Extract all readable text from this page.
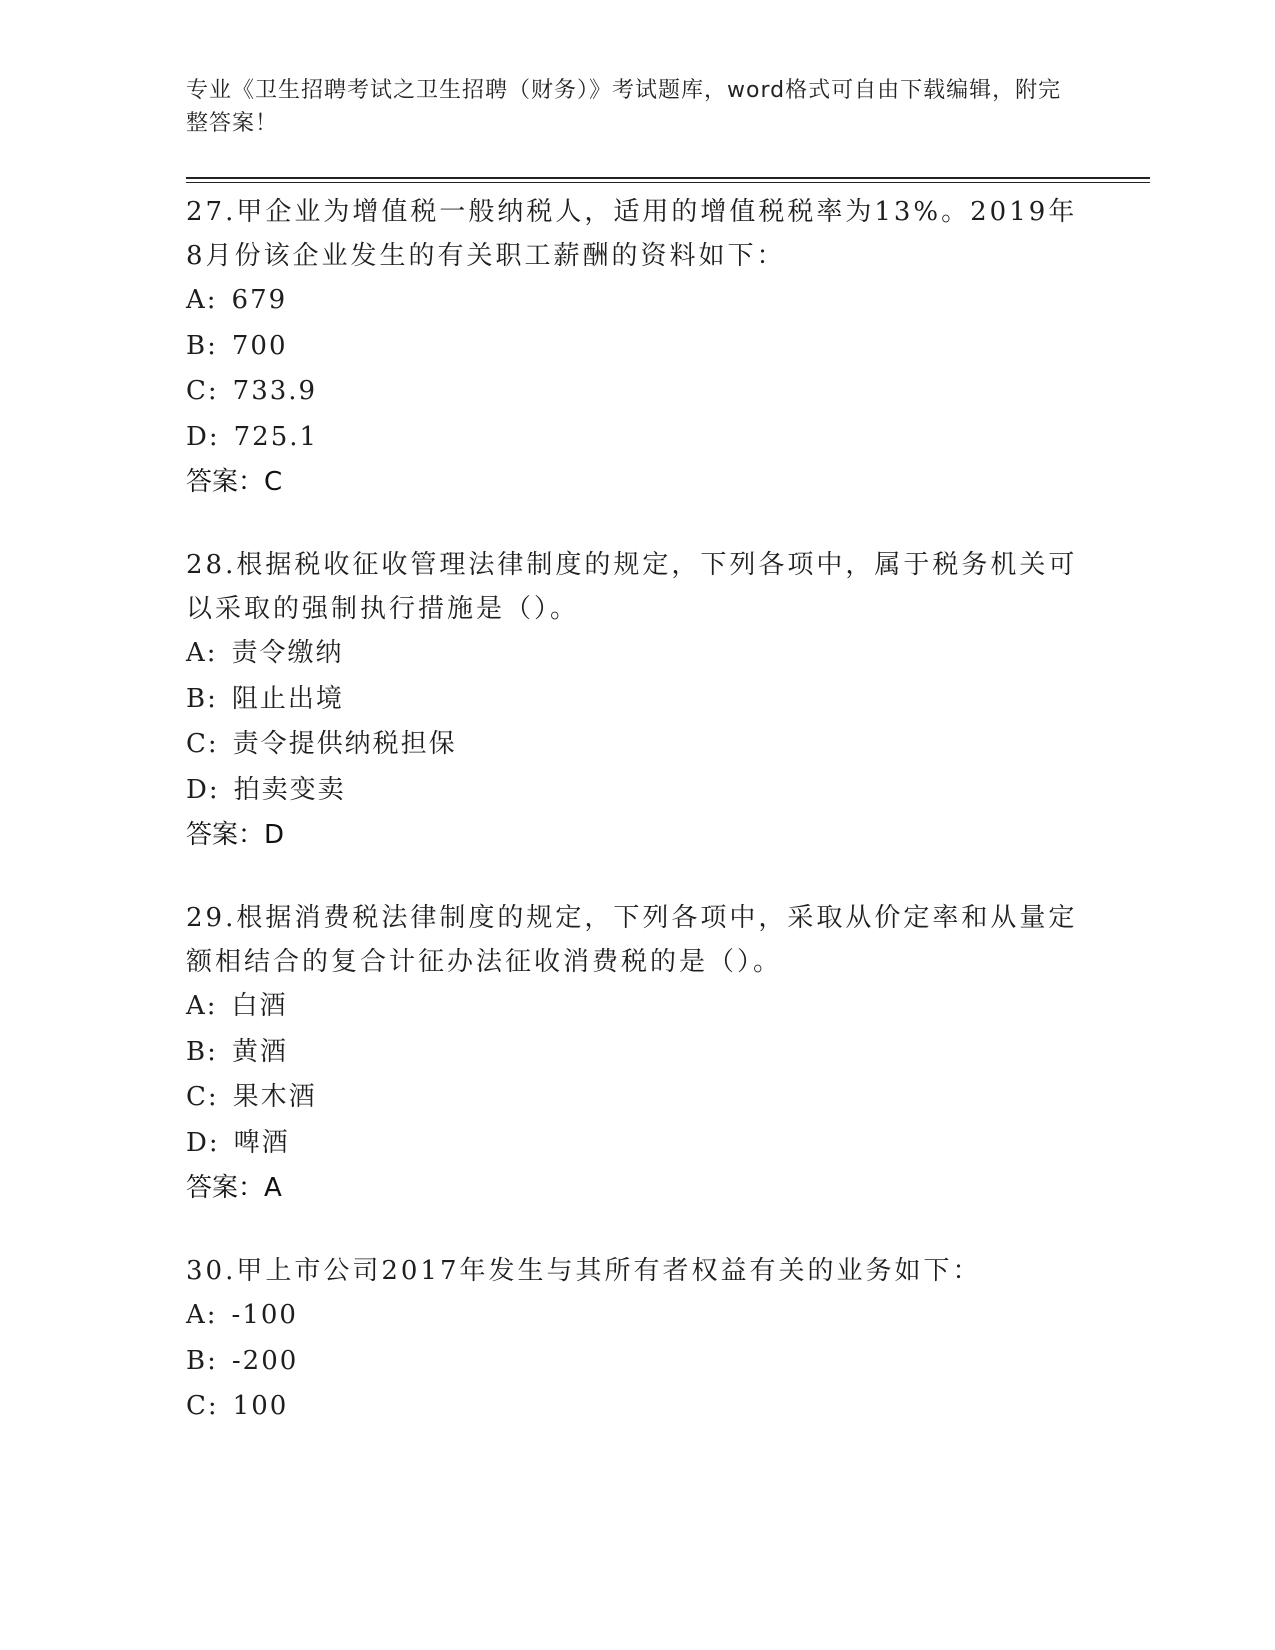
专业《卫生招聘考试之卫生招聘（财务）》考试题库，word格式可自由下载编辑，附完整答案！

27.甲企业为增值税一般纳税人，适用的增值税税率为13%。2019年8月份该企业发生的有关职工薪酬的资料如下：

A: 679
B: 700
C: 733.9
D: 725.1
答案：C

28.根据税收征收管理法律制度的规定，下列各项中，属于税务机关可以采取的强制执行措施是（）。

A: 责令缴纳
B: 阻止出境
C: 责令提供纳税担保
D: 拍卖变卖
答案：D

29.根据消费税法律制度的规定，下列各项中，采取从价定率和从量定额相结合的复合计征办法征收消费税的是（）。

A: 白酒
B: 黄酒
C: 果木酒
D: 啤酒
答案：A

30.甲上市公司2017年发生与其所有者权益有关的业务如下：

A: -100
B: -200
C: 100
